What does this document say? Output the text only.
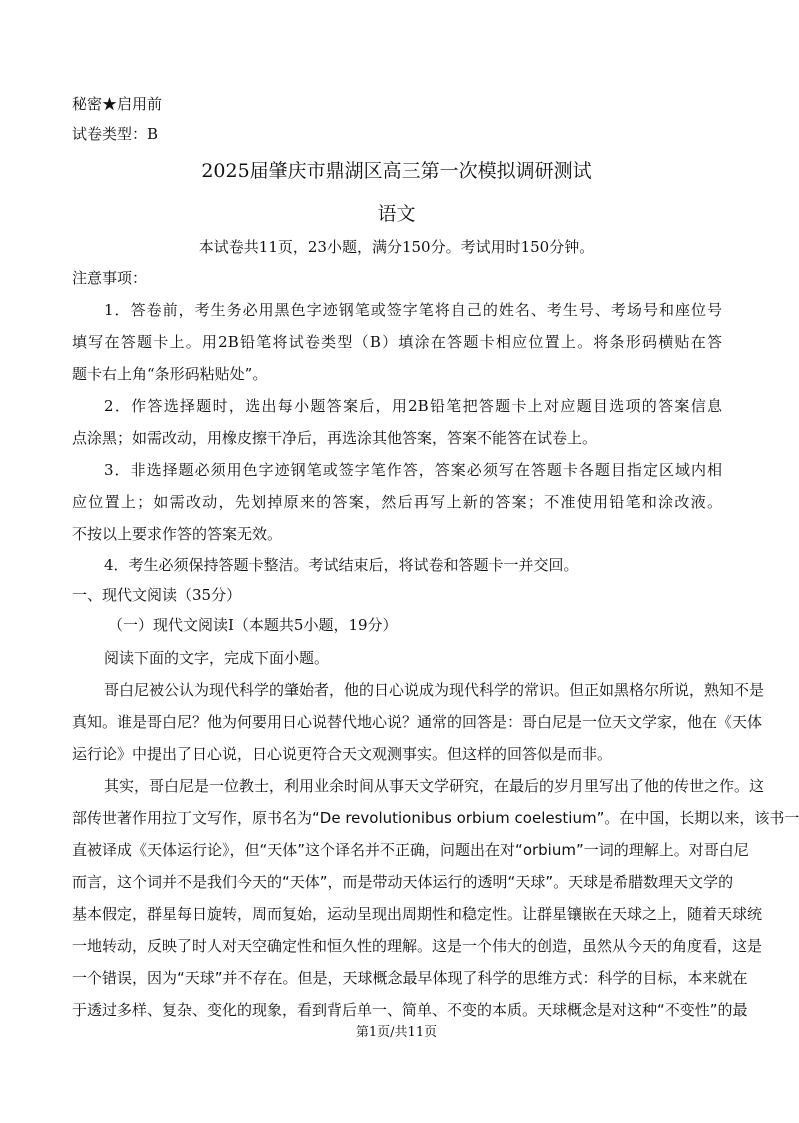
秘密★启用前
试卷类型：B
2025届肇庆市鼎湖区高三第一次模拟调研测试
语文
本试卷共11页，23小题，满分150分。考试用时150分钟。
注意事项：
1．答卷前，考生务必用黑色字迹钢笔或签字笔将自己的姓名、考生号、考场号和座位号
填写在答题卡上。用2B铅笔将试卷类型（B）填涂在答题卡相应位置上。将条形码横贴在答
题卡右上角“条形码粘贴处”。
2．作答选择题时，选出每小题答案后，用2B铅笔把答题卡上对应题目选项的答案信息
点涂黑；如需改动，用橡皮擦干净后，再选涂其他答案，答案不能答在试卷上。
3．非选择题必须用色字迹钢笔或签字笔作答，答案必须写在答题卡各题目指定区域内相
应位置上；如需改动，先划掉原来的答案，然后再写上新的答案；不准使用铅笔和涂改液。
不按以上要求作答的答案无效。
4．考生必须保持答题卡整洁。考试结束后，将试卷和答题卡一并交回。
一、现代文阅读（35分）
（一）现代文阅读Ⅰ（本题共5小题，19分）
阅读下面的文字，完成下面小题。
哥白尼被公认为现代科学的肇始者，他的日心说成为现代科学的常识。但正如黑格尔所说，熟知不是
真知。谁是哥白尼？他为何要用日心说替代地心说？通常的回答是：哥白尼是一位天文学家，他在《天体
运行论》中提出了日心说，日心说更符合天文观测事实。但这样的回答似是而非。
其实，哥白尼是一位教士，利用业余时间从事天文学研究，在最后的岁月里写出了他的传世之作。这
部传世著作用拉丁文写作，原书名为“De revolutionibus orbium coelestium”。在中国，长期以来，该书一
直被译成《天体运行论》，但“天体”这个译名并不正确，问题出在对“orbium”一词的理解上。对哥白尼
而言，这个词并不是我们今天的“天体”，而是带动天体运行的透明“天球”。天球是希腊数理天文学的
基本假定，群星每日旋转，周而复始，运动呈现出周期性和稳定性。让群星镶嵌在天球之上，随着天球统
一地转动，反映了时人对天空确定性和恒久性的理解。这是一个伟大的创造，虽然从今天的角度看，这是
一个错误，因为“天球”并不存在。但是，天球概念最早体现了科学的思维方式：科学的目标，本来就在
于透过多样、复杂、变化的现象，看到背后单一、简单、不变的本质。天球概念是对这种“不变性”的最
第1页/共11页
